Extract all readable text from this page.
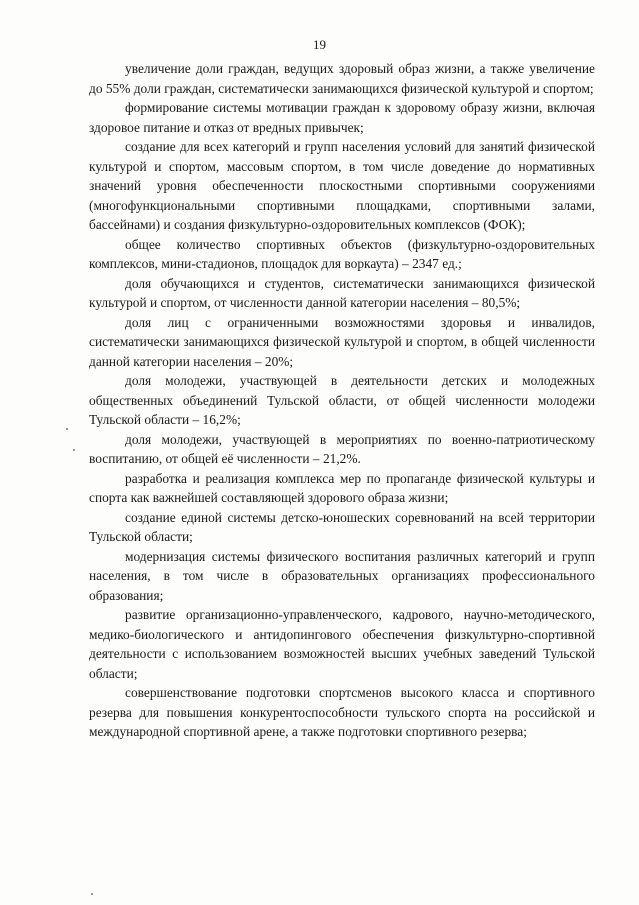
19

увеличение доли граждан, ведущих здоровый образ жизни, а также увеличение до 55% доли граждан, систематически занимающихся физической культурой и спортом;

формирование системы мотивации граждан к здоровому образу жизни, включая здоровое питание и отказ от вредных привычек;

создание для всех категорий и групп населения условий для занятий физической культурой и спортом, массовым спортом, в том числе доведение до нормативных значений уровня обеспеченности плоскостными спортивными сооружениями (многофункциональными спортивными площадками, спортивными залами, бассейнами) и создания физкультурно-оздоровительных комплексов (ФОК);

общее количество спортивных объектов (физкультурно-оздоровительных комплексов, мини-стадионов, площадок для воркаута) – 2347 ед.;

доля обучающихся и студентов, систематически занимающихся физической культурой и спортом, от численности данной категории населения – 80,5%;

доля лиц с ограниченными возможностями здоровья и инвалидов, систематически занимающихся физической культурой и спортом, в общей численности данной категории населения – 20%;

доля молодежи, участвующей в деятельности детских и молодежных общественных объединений Тульской области, от общей численности молодежи Тульской области – 16,2%;

доля молодежи, участвующей в мероприятиях по военно-патриотическому воспитанию, от общей её численности – 21,2%.

разработка и реализация комплекса мер по пропаганде физической культуры и спорта как важнейшей составляющей здорового образа жизни;

создание единой системы детско-юношеских соревнований на всей территории Тульской области;

модернизация системы физического воспитания различных категорий и групп населения, в том числе в образовательных организациях профессионального образования;

развитие организационно-управленческого, кадрового, научно-методического, медико-биологического и антидопингового обеспечения физкультурно-спортивной деятельности с использованием возможностей высших учебных заведений Тульской области;

совершенствование подготовки спортсменов высокого класса и спортивного резерва для повышения конкурентоспособности тульского спорта на российской и международной спортивной арене, а также подготовки спортивного резерва;
